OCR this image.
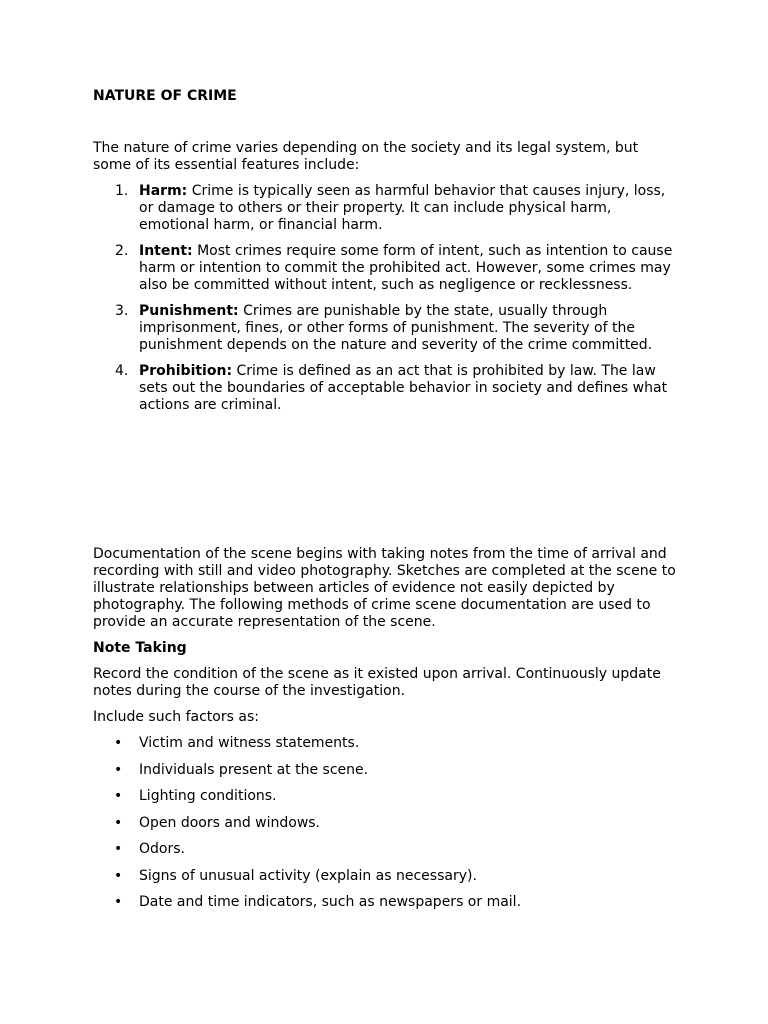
NATURE OF CRIME

The nature of crime varies depending on the society and its legal system, but some of its essential features include:

1. Harm: Crime is typically seen as harmful behavior that causes injury, loss, or damage to others or their property. It can include physical harm, emotional harm, or financial harm.
2. Intent: Most crimes require some form of intent, such as intention to cause harm or intention to commit the prohibited act. However, some crimes may also be committed without intent, such as negligence or recklessness.
3. Punishment: Crimes are punishable by the state, usually through imprisonment, fines, or other forms of punishment. The severity of the punishment depends on the nature and severity of the crime committed.
4. Prohibition: Crime is defined as an act that is prohibited by law. The law sets out the boundaries of acceptable behavior in society and defines what actions are criminal.

Documentation of the scene begins with taking notes from the time of arrival and recording with still and video photography. Sketches are completed at the scene to illustrate relationships between articles of evidence not easily depicted by photography. The following methods of crime scene documentation are used to provide an accurate representation of the scene.

Note Taking

Record the condition of the scene as it existed upon arrival. Continuously update notes during the course of the investigation.

Include such factors as:

• Victim and witness statements.
• Individuals present at the scene.
• Lighting conditions.
• Open doors and windows.
• Odors.
• Signs of unusual activity (explain as necessary).
• Date and time indicators, such as newspapers or mail.
